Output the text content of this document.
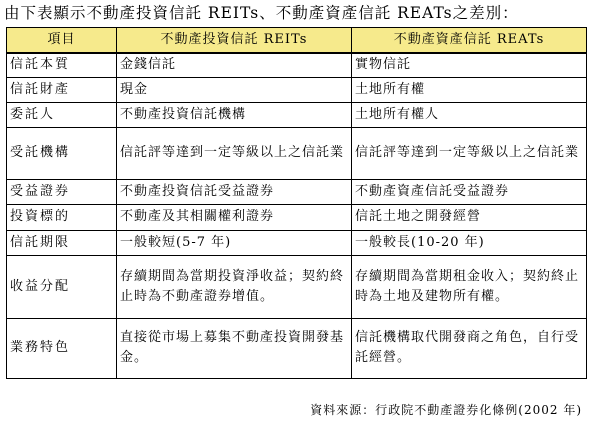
由下表顯示不動產投資信託 REITs、不動產資產信託 REATs之差別：
項目	不動產投資信託 REITs	不動產資產信託 REATs
信託本質	金錢信託	實物信託
信託財產	現金	土地所有權
委託人	不動產投資信託機構	土地所有權人
受託機構	信託評等達到一定等級以上之信託業	信託評等達到一定等級以上之信託業
受益證券	不動產投資信託受益證券	不動產資產信託受益證券
投資標的	不動產及其相關權利證券	信託土地之開發經營
信託期限	一般較短(5-7 年)	一般較長(10-20 年)
收益分配	存續期間為當期投資淨收益；契約終止時為不動產證券增值。	存續期間為當期租金收入；契約終止時為土地及建物所有權。
業務特色	直接從市場上募集不動產投資開發基金。	信託機構取代開發商之角色，自行受託經營。
資料來源：行政院不動產證券化條例(2002 年)
